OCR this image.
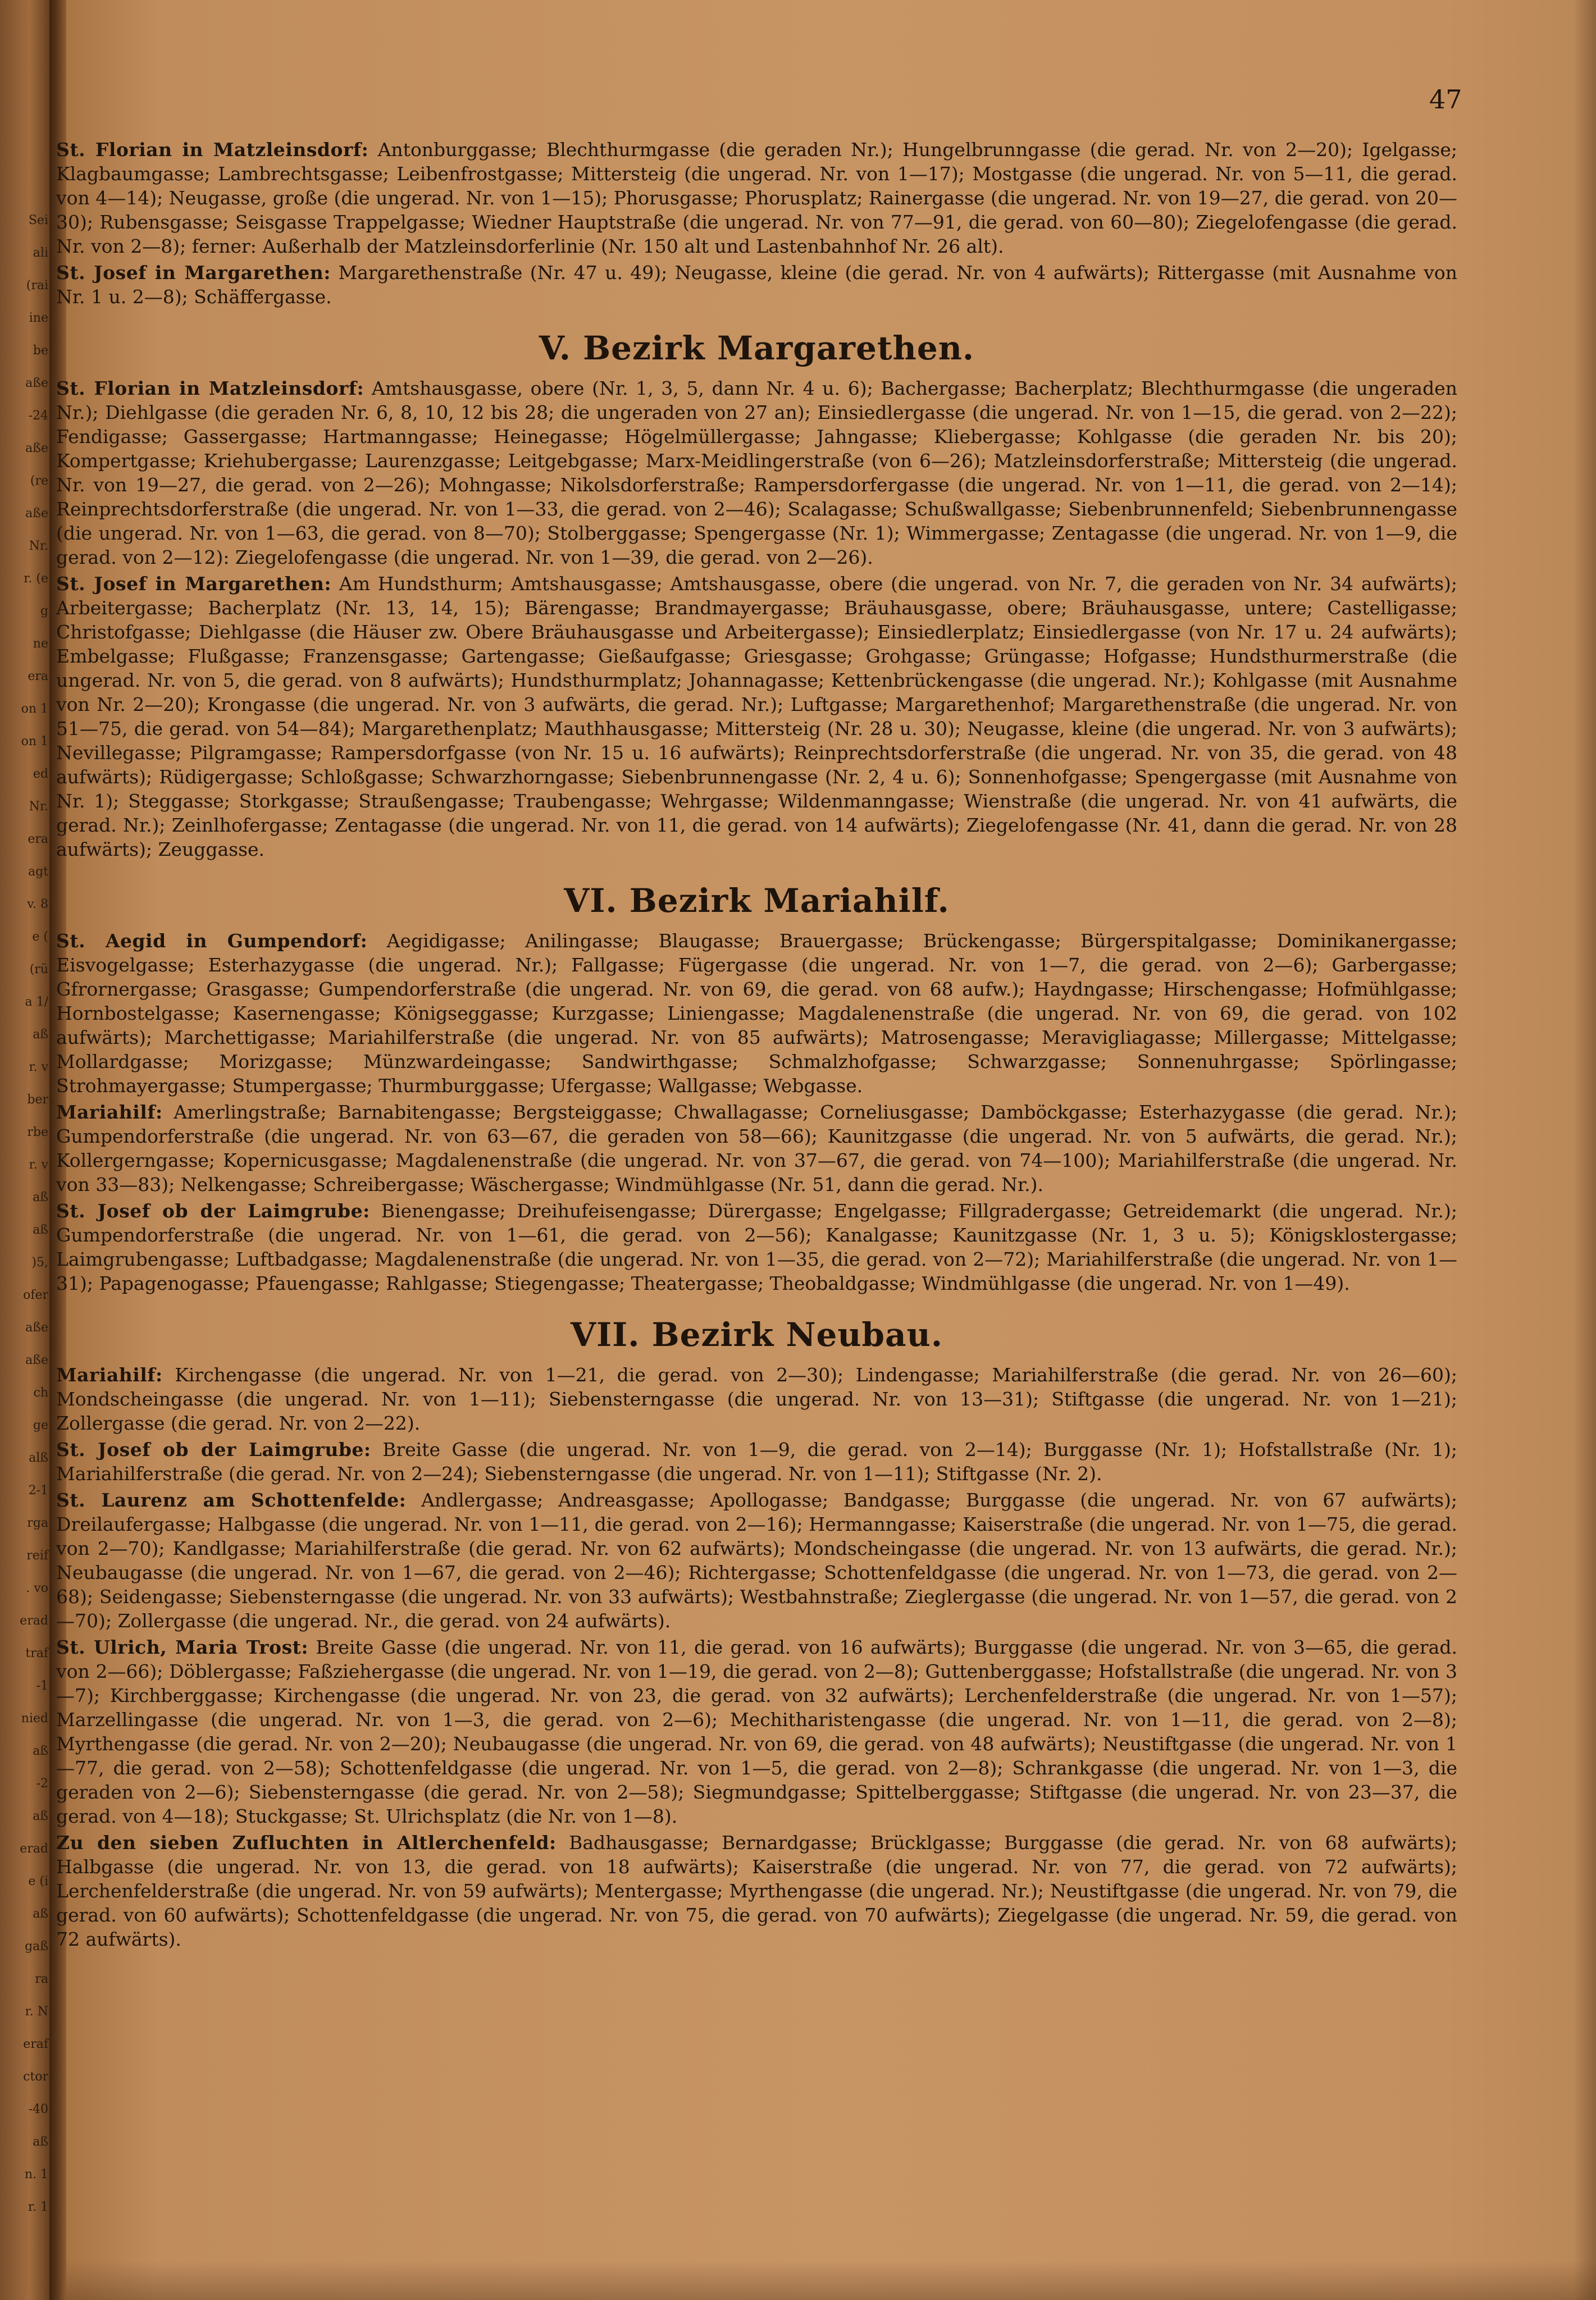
Sei
ali
(rai
ine
be
aße
-24
aße
(re
aße
Nr.
r. (e
g
ne
era
on 1
on 1
ed
Nr.
era
agt
v. 8
e (
(rü
a 1/
aß
r. v
ber
rbe
r. v
aß
aß
)5,
ofer
aße
aße
ch
ge
alß
2-1
rga
reif
. vo
erad
traf
-1
nied
aß
-2
aß
erad
e (i
aß
gaß
ra
r. N
eraf
ctor
-40
aß
n. 1
r. 1
47
St. Florian in Matzleinsdorf: Antonburggasse; Blechthurmgasse (die geraden Nr.); Hungelbrunngasse (die gerad. Nr. von 2—20); Igelgasse; Klagbaumgasse; Lambrechtsgasse; Leibenfrostgasse; Mittersteig (die ungerad. Nr. von 1—17); Mostgasse (die ungerad. Nr. von 5—11, die gerad. von 4—14); Neugasse, große (die ungerad. Nr. von 1—15); Phorusgasse; Phorusplatz; Rainergasse (die ungerad. Nr. von 19—27, die gerad. von 20—30); Rubensgasse; Seisgasse Trappelgasse; Wiedner Hauptstraße (die ungerad. Nr. von 77—91, die gerad. von 60—80); Ziegelofengasse (die gerad. Nr. von 2—8); ferner: Außerhalb der Matzleinsdorferlinie (Nr. 150 alt und Lastenbahnhof Nr. 26 alt).
St. Josef in Margarethen: Margarethenstraße (Nr. 47 u. 49); Neugasse, kleine (die gerad. Nr. von 4 aufwärts); Rittergasse (mit Ausnahme von Nr. 1 u. 2—8); Schäffergasse.
V. Bezirk Margarethen.
St. Florian in Matzleinsdorf: Amtshausgasse, obere (Nr. 1, 3, 5, dann Nr. 4 u. 6); Bachergasse; Bacherplatz; Blechthurmgasse (die ungeraden Nr.); Diehlgasse (die geraden Nr. 6, 8, 10, 12 bis 28; die ungeraden von 27 an); Einsiedlergasse (die ungerad. Nr. von 1—15, die gerad. von 2—22); Fendigasse; Gassergasse; Hartmanngasse; Heinegasse; Högelmüllergasse; Jahngasse; Kliebergasse; Kohlgasse (die geraden Nr. bis 20); Kompertgasse; Kriehubergasse; Laurenzgasse; Leitgebgasse; Marx-Meidlingerstraße (von 6—26); Matzleinsdorferstraße; Mittersteig (die ungerad. Nr. von 19—27, die gerad. von 2—26); Mohngasse; Nikolsdorferstraße; Rampersdorfergasse (die ungerad. Nr. von 1—11, die gerad. von 2—14); Reinprechtsdorferstraße (die ungerad. Nr. von 1—33, die gerad. von 2—46); Scalagasse; Schußwallgasse; Siebenbrunnenfeld; Siebenbrunnengasse (die ungerad. Nr. von 1—63, die gerad. von 8—70); Stolberggasse; Spengergasse (Nr. 1); Wimmergasse; Zentagasse (die ungerad. Nr. von 1—9, die gerad. von 2—12): Ziegelofengasse (die ungerad. Nr. von 1—39, die gerad. von 2—26).
St. Josef in Margarethen: Am Hundsthurm; Amtshausgasse; Amtshausgasse, obere (die ungerad. von Nr. 7, die geraden von Nr. 34 aufwärts); Arbeitergasse; Bacherplatz (Nr. 13, 14, 15); Bärengasse; Brandmayergasse; Bräuhausgasse, obere; Bräuhausgasse, untere; Castelligasse; Christofgasse; Diehlgasse (die Häuser zw. Obere Bräuhausgasse und Arbeitergasse); Einsiedlerplatz; Einsiedlergasse (von Nr. 17 u. 24 aufwärts); Embelgasse; Flußgasse; Franzensgasse; Gartengasse; Gießaufgasse; Griesgasse; Grohgasse; Grüngasse; Hofgasse; Hundsthurmerstraße (die ungerad. Nr. von 5, die gerad. von 8 aufwärts); Hundsthurmplatz; Johannagasse; Kettenbrückengasse (die ungerad. Nr.); Kohlgasse (mit Ausnahme von Nr. 2—20); Krongasse (die ungerad. Nr. von 3 aufwärts, die gerad. Nr.); Luftgasse; Margarethenhof; Margarethenstraße (die ungerad. Nr. von 51—75, die gerad. von 54—84); Margarethenplatz; Mauthhausgasse; Mittersteig (Nr. 28 u. 30); Neugasse, kleine (die ungerad. Nr. von 3 aufwärts); Nevillegasse; Pilgramgasse; Rampersdorfgasse (von Nr. 15 u. 16 aufwärts); Reinprechtsdorferstraße (die ungerad. Nr. von 35, die gerad. von 48 aufwärts); Rüdigergasse; Schloßgasse; Schwarzhorngasse; Siebenbrunnengasse (Nr. 2, 4 u. 6); Sonnenhofgasse; Spengergasse (mit Ausnahme von Nr. 1); Steggasse; Storkgasse; Straußengasse; Traubengasse; Wehrgasse; Wildenmanngasse; Wienstraße (die ungerad. Nr. von 41 aufwärts, die gerad. Nr.); Zeinlhofergasse; Zentagasse (die ungerad. Nr. von 11, die gerad. von 14 aufwärts); Ziegelofengasse (Nr. 41, dann die gerad. Nr. von 28 aufwärts); Zeuggasse.
VI. Bezirk Mariahilf.
St. Aegid in Gumpendorf: Aegidigasse; Anilingasse; Blaugasse; Brauergasse; Brückengasse; Bürgerspitalgasse; Dominikanergasse; Eisvogelgasse; Esterhazygasse (die ungerad. Nr.); Fallgasse; Fügergasse (die ungerad. Nr. von 1—7, die gerad. von 2—6); Garbergasse; Gfrornergasse; Grasgasse; Gumpendorferstraße (die ungerad. Nr. von 69, die gerad. von 68 aufw.); Haydngasse; Hirschengasse; Hofmühlgasse; Hornbostelgasse; Kasernengasse; Königseggasse; Kurzgasse; Liniengasse; Magdalenenstraße (die ungerad. Nr. von 69, die gerad. von 102 aufwärts); Marchettigasse; Mariahilferstraße (die ungerad. Nr. von 85 aufwärts); Matrosengasse; Meravigliagasse; Millergasse; Mittelgasse; Mollardgasse; Morizgasse; Münzwardeingasse; Sandwirthgasse; Schmalzhofgasse; Schwarzgasse; Sonnenuhrgasse; Spörlingasse; Strohmayergasse; Stumpergasse; Thurmburggasse; Ufergasse; Wallgasse; Webgasse.
Mariahilf: Amerlingstraße; Barnabitengasse; Bergsteiggasse; Chwallagasse; Corneliusgasse; Damböckgasse; Esterhazygasse (die gerad. Nr.); Gumpendorferstraße (die ungerad. Nr. von 63—67, die geraden von 58—66); Kaunitzgasse (die ungerad. Nr. von 5 aufwärts, die gerad. Nr.); Kollergerngasse; Kopernicusgasse; Magdalenenstraße (die ungerad. Nr. von 37—67, die gerad. von 74—100); Mariahilferstraße (die ungerad. Nr. von 33—83); Nelkengasse; Schreibergasse; Wäschergasse; Windmühlgasse (Nr. 51, dann die gerad. Nr.).
St. Josef ob der Laimgrube: Bienengasse; Dreihufeisengasse; Dürergasse; Engelgasse; Fillgradergasse; Getreidemarkt (die ungerad. Nr.); Gumpendorferstraße (die ungerad. Nr. von 1—61, die gerad. von 2—56); Kanalgasse; Kaunitzgasse (Nr. 1, 3 u. 5); Königsklostergasse; Laimgrubengasse; Luftbadgasse; Magdalenenstraße (die ungerad. Nr. von 1—35, die gerad. von 2—72); Mariahilferstraße (die ungerad. Nr. von 1—31); Papagenogasse; Pfauengasse; Rahlgasse; Stiegengasse; Theatergasse; Theobaldgasse; Windmühlgasse (die ungerad. Nr. von 1—49).
VII. Bezirk Neubau.
Mariahilf: Kirchengasse (die ungerad. Nr. von 1—21, die gerad. von 2—30); Lindengasse; Mariahilferstraße (die gerad. Nr. von 26—60); Mondscheingasse (die ungerad. Nr. von 1—11); Siebensterngasse (die ungerad. Nr. von 13—31); Stiftgasse (die ungerad. Nr. von 1—21); Zollergasse (die gerad. Nr. von 2—22).
St. Josef ob der Laimgrube: Breite Gasse (die ungerad. Nr. von 1—9, die gerad. von 2—14); Burggasse (Nr. 1); Hofstallstraße (Nr. 1); Mariahilferstraße (die gerad. Nr. von 2—24); Siebensterngasse (die ungerad. Nr. von 1—11); Stiftgasse (Nr. 2).
St. Laurenz am Schottenfelde: Andlergasse; Andreasgasse; Apollogasse; Bandgasse; Burggasse (die ungerad. Nr. von 67 aufwärts); Dreilaufergasse; Halbgasse (die ungerad. Nr. von 1—11, die gerad. von 2—16); Hermanngasse; Kaiserstraße (die ungerad. Nr. von 1—75, die gerad. von 2—70); Kandlgasse; Mariahilferstraße (die gerad. Nr. von 62 aufwärts); Mondscheingasse (die ungerad. Nr. von 13 aufwärts, die gerad. Nr.); Neubaugasse (die ungerad. Nr. von 1—67, die gerad. von 2—46); Richtergasse; Schottenfeldgasse (die ungerad. Nr. von 1—73, die gerad. von 2—68); Seidengasse; Siebensterngasse (die ungerad. Nr. von 33 aufwärts); Westbahnstraße; Zieglergasse (die ungerad. Nr. von 1—57, die gerad. von 2—70); Zollergasse (die ungerad. Nr., die gerad. von 24 aufwärts).
St. Ulrich, Maria Trost: Breite Gasse (die ungerad. Nr. von 11, die gerad. von 16 aufwärts); Burggasse (die ungerad. Nr. von 3—65, die gerad. von 2—66); Döblergasse; Faßziehergasse (die ungerad. Nr. von 1—19, die gerad. von 2—8); Guttenberggasse; Hofstallstraße (die ungerad. Nr. von 3—7); Kirchberggasse; Kirchengasse (die ungerad. Nr. von 23, die gerad. von 32 aufwärts); Lerchenfelderstraße (die ungerad. Nr. von 1—57); Marzellingasse (die ungerad. Nr. von 1—3, die gerad. von 2—6); Mechitharistengasse (die ungerad. Nr. von 1—11, die gerad. von 2—8); Myrthengasse (die gerad. Nr. von 2—20); Neubaugasse (die ungerad. Nr. von 69, die gerad. von 48 aufwärts); Neustiftgasse (die ungerad. Nr. von 1—77, die gerad. von 2—58); Schottenfeldgasse (die ungerad. Nr. von 1—5, die gerad. von 2—8); Schrankgasse (die ungerad. Nr. von 1—3, die geraden von 2—6); Siebensterngasse (die gerad. Nr. von 2—58); Siegmundgasse; Spittelberggasse; Stiftgasse (die ungerad. Nr. von 23—37, die gerad. von 4—18); Stuckgasse; St. Ulrichsplatz (die Nr. von 1—8).
Zu den sieben Zufluchten in Altlerchenfeld: Badhausgasse; Bernardgasse; Brücklgasse; Burggasse (die gerad. Nr. von 68 aufwärts); Halbgasse (die ungerad. Nr. von 13, die gerad. von 18 aufwärts); Kaiserstraße (die ungerad. Nr. von 77, die gerad. von 72 aufwärts); Lerchenfelderstraße (die ungerad. Nr. von 59 aufwärts); Mentergasse; Myrthengasse (die ungerad. Nr.); Neustiftgasse (die ungerad. Nr. von 79, die gerad. von 60 aufwärts); Schottenfeldgasse (die ungerad. Nr. von 75, die gerad. von 70 aufwärts); Ziegelgasse (die ungerad. Nr. 59, die gerad. von 72 aufwärts).
